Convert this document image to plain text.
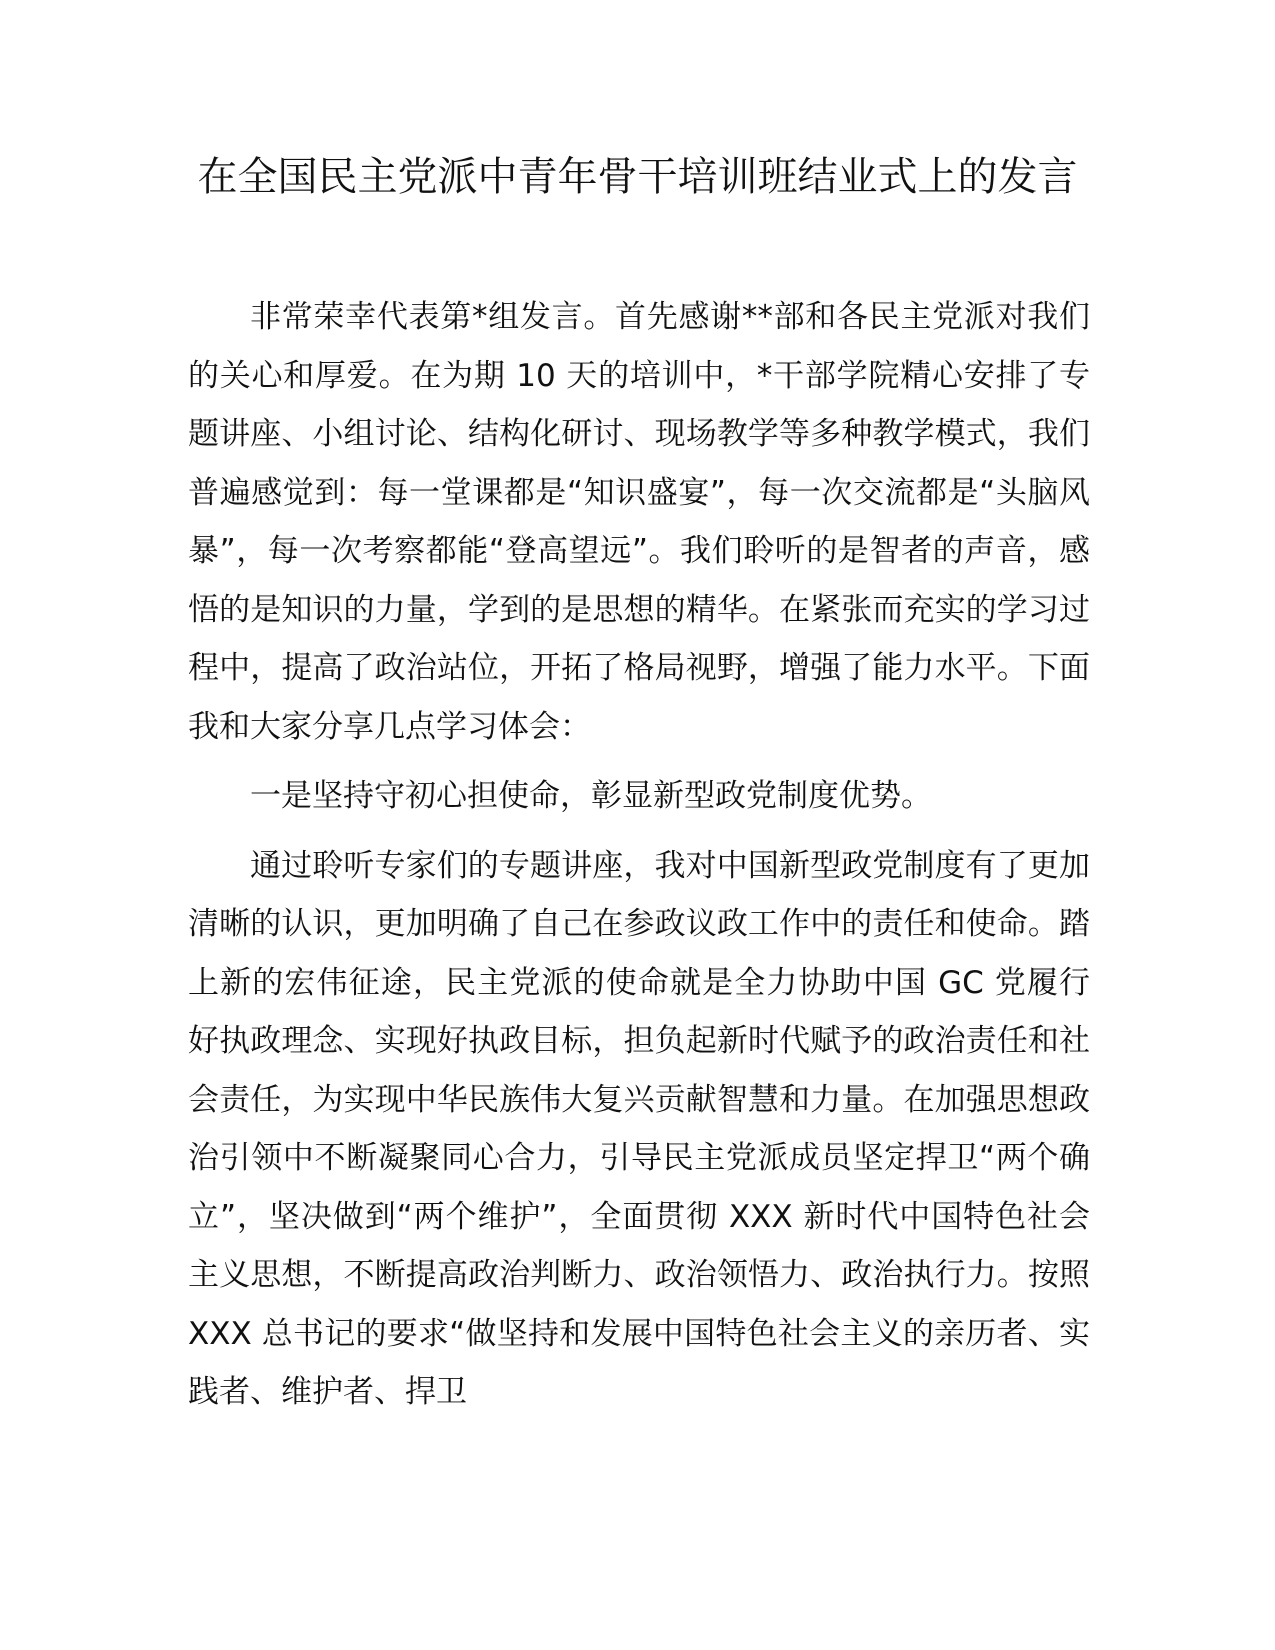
在全国民主党派中青年骨干培训班结业式上的发言

非常荣幸代表第*组发言。首先感谢**部和各民主党派对我们的关心和厚爱。在为期 10 天的培训中，*干部学院精心安排了专题讲座、小组讨论、结构化研讨、现场教学等多种教学模式，我们普遍感觉到：每一堂课都是“知识盛宴”，每一次交流都是“头脑风暴”，每一次考察都能“登高望远”。我们聆听的是智者的声音，感悟的是知识的力量，学到的是思想的精华。在紧张而充实的学习过程中，提高了政治站位，开拓了格局视野，增强了能力水平。下面我和大家分享几点学习体会：

一是坚持守初心担使命，彰显新型政党制度优势。

通过聆听专家们的专题讲座，我对中国新型政党制度有了更加清晰的认识，更加明确了自己在参政议政工作中的责任和使命。踏上新的宏伟征途，民主党派的使命就是全力协助中国 GC 党履行好执政理念、实现好执政目标，担负起新时代赋予的政治责任和社会责任，为实现中华民族伟大复兴贡献智慧和力量。在加强思想政治引领中不断凝聚同心合力，引导民主党派成员坚定捍卫“两个确立”，坚决做到“两个维护”，全面贯彻 XXX 新时代中国特色社会主义思想，不断提高政治判断力、政治领悟力、政治执行力。按照 XXX 总书记的要求“做坚持和发展中国特色社会主义的亲历者、实践者、维护者、捍卫
